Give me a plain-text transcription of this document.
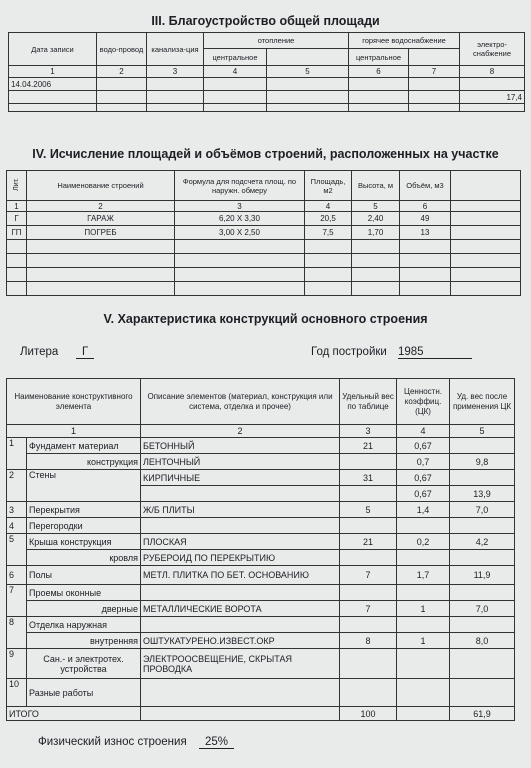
III. Благоустройство общей площади
Дата записи	водо-провод	канализа-ция	отопление		горячее водоснабжение		электро-снабжение
			центральное		центральное		
1	2	3	4	5	6	7	8
14.04.2006							
							17,4

IV. Исчисление площадей и объёмов строений, расположенных на участке
Лит.	Наименование строений	Формула для подсчета площ. по наружн. обмеру	Площадь, м2	Высота, м	Объём, м3	
1	2	3	4	5	6	
Г	ГАРАЖ	6,20 Х 3,30	20,5	2,40	49	
ГП	ПОГРЕБ	3,00 Х 2,50	7,5	1,70	13	

V. Характеристика конструкций основного строения
Литера	Г	Год постройки 1985
Наименование конструктивного элемента		Описание элементов (материал, конструкция или система, отделка и прочее)	Удельный вес по таблице	Ценностн. коэффиц. (ЦК)	Уд. вес после применения ЦК
1		2	3	4	5
1	Фундамент материал	БЕТОННЫЙ	21	0,67	
	конструкция	ЛЕНТОЧНЫЙ		0,7	9,8
2	Стены	КИРПИЧНЫЕ	31	0,67	
				0,67	13,9
3	Перекрытия	Ж/Б ПЛИТЫ	5	1,4	7,0
4	Перегородки				
5	Крыша конструкция	ПЛОСКАЯ	21	0,2	4,2
	кровля	РУБЕРОИД ПО ПЕРЕКРЫТИЮ			
6	Полы	МЕТЛ. ПЛИТКА ПО БЕТ. ОСНОВАНИЮ	7	1,7	11,9
7	Проемы оконные				
	дверные	МЕТАЛЛИЧЕСКИЕ ВОРОТА	7	1	7,0
8	Отделка наружная				
	внутренняя	ОШТУКАТУРЕНО.ИЗВЕСТ.ОКР	8	1	8,0
9	Сан.- и электротех. устройства	ЭЛЕКТРООСВЕЩЕНИЕ, СКРЫТАЯ ПРОВОДКА			
10	Разные работы				
ИТОГО			100		61,9
Физический износ строения	25%
